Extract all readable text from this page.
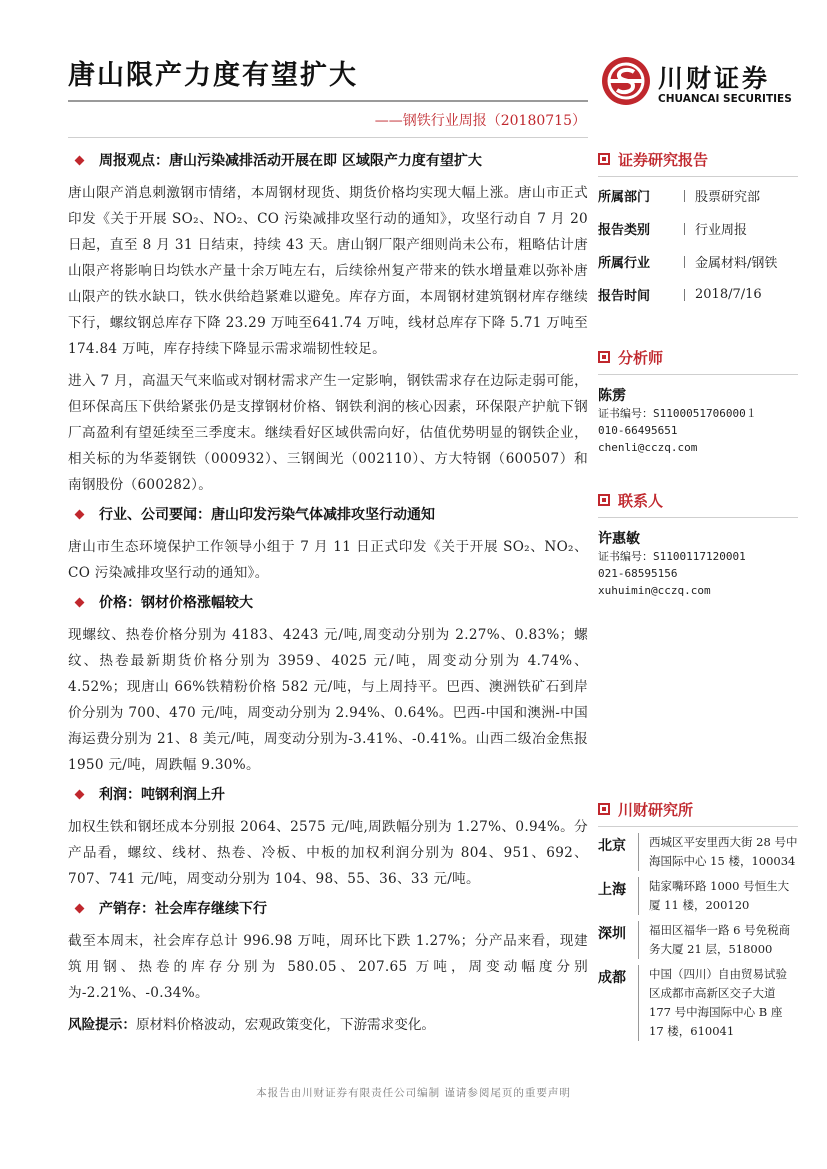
唐山限产力度有望扩大
——钢铁行业周报（20180715）
川财证券
CHUANCAI SECURITIES
周报观点：唐山污染减排活动开展在即 区域限产力度有望扩大

唐山限产消息刺激钢市情绪，本周钢材现货、期货价格均实现大幅上涨。唐山市正式印发《关于开展 SO₂、NO₂、CO 污染减排攻坚行动的通知》，攻坚行动自 7 月 20 日起，直至 8 月 31 日结束，持续 43 天。唐山钢厂限产细则尚未公布，粗略估计唐山限产将影响日均铁水产量十余万吨左右，后续徐州复产带来的铁水增量难以弥补唐山限产的铁水缺口，铁水供给趋紧难以避免。库存方面，本周钢材建筑钢材库存继续下行，螺纹钢总库存下降 23.29 万吨至641.74 万吨，线材总库存下降 5.71 万吨至 174.84 万吨，库存持续下降显示需求端韧性较足。

进入 7 月，高温天气来临或对钢材需求产生一定影响，钢铁需求存在边际走弱可能，但环保高压下供给紧张仍是支撑钢材价格、钢铁利润的核心因素，环保限产护航下钢厂高盈利有望延续至三季度末。继续看好区域供需向好，估值优势明显的钢铁企业，相关标的为华菱钢铁（000932）、三钢闽光（002110）、方大特钢（600507）和南钢股份（600282）。

行业、公司要闻：唐山印发污染气体减排攻坚行动通知

唐山市生态环境保护工作领导小组于 7 月 11 日正式印发《关于开展 SO₂、NO₂、CO 污染减排攻坚行动的通知》。

价格：钢材价格涨幅较大

现螺纹、热卷价格分别为 4183、4243 元/吨,周变动分别为 2.27%、0.83%；螺纹、热卷最新期货价格分别为 3959、4025 元/吨，周变动分别为 4.74%、4.52%；现唐山 66%铁精粉价格 582 元/吨，与上周持平。巴西、澳洲铁矿石到岸价分别为 700、470 元/吨，周变动分别为 2.94%、0.64%。巴西-中国和澳洲-中国海运费分别为 21、8 美元/吨，周变动分别为-3.41%、-0.41%。山西二级冶金焦报1950 元/吨，周跌幅 9.30%。

利润：吨钢利润上升

加权生铁和钢坯成本分别报 2064、2575 元/吨,周跌幅分别为 1.27%、0.94%。分产品看，螺纹、线材、热卷、冷板、中板的加权利润分别为 804、951、692、707、741 元/吨，周变动分别为 104、98、55、36、33 元/吨。

产销存：社会库存继续下行

截至本周末，社会库存总计 996.98 万吨，周环比下跌 1.27%；分产品来看，现建筑用钢、热卷的库存分别为 580.05、207.65 万吨，周变动幅度分别为-2.21%、-0.34%。

风险提示：原材料价格波动，宏观政策变化，下游需求变化。
证券研究报告
所属部门	股票研究部
报告类别	行业周报
所属行业	金属材料/钢铁
报告时间	2018/7/16
分析师
陈雳
证书编号：S1100051706000１
010-66495651
chenli@cczq.com
联系人
许惠敏
证书编号：S1100117120001
021-68595156
xuhuimin@cczq.com
川财研究所
北京	西城区平安里西大街 28 号中海国际中心 15 楼，100034
上海	陆家嘴环路 1000 号恒生大厦 11 楼，200120
深圳	福田区福华一路 6 号免税商务大厦 21 层，518000
成都	中国（四川）自由贸易试验区成都市高新区交子大道 177 号中海国际中心 B 座 17 楼，610041
本报告由川财证券有限责任公司编制 谨请参阅尾页的重要声明
